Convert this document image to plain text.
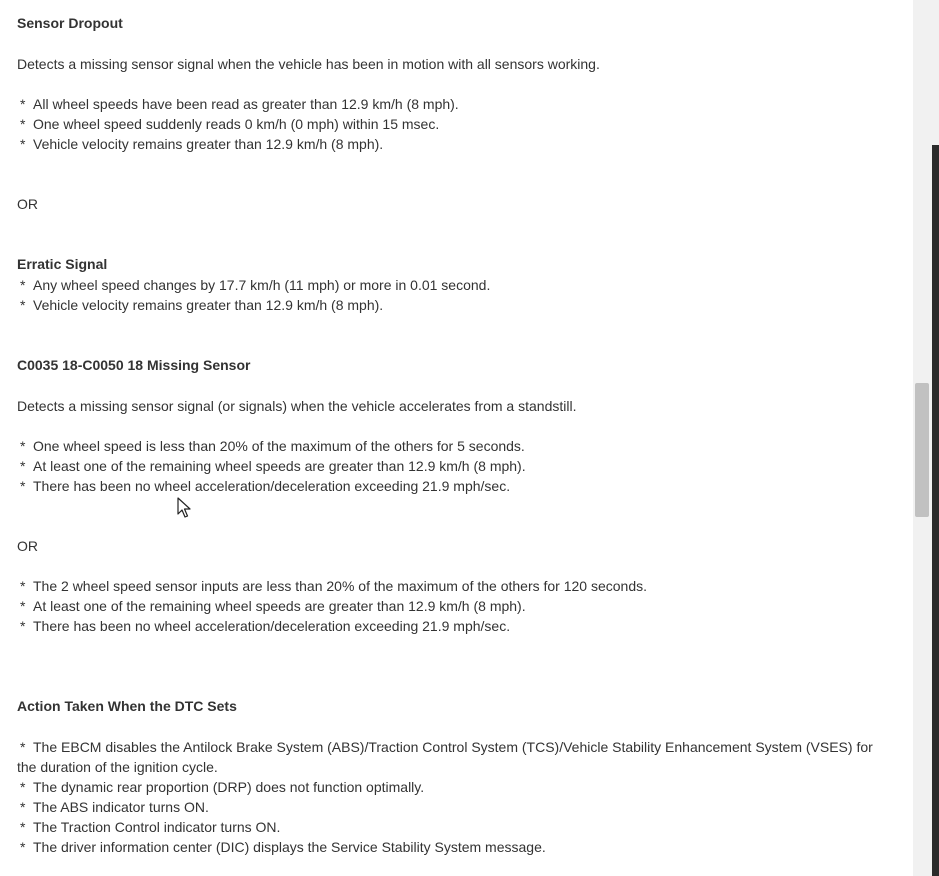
Sensor Dropout
Detects a missing sensor signal when the vehicle has been in motion with all sensors working.
* All wheel speeds have been read as greater than 12.9 km/h (8 mph).
* One wheel speed suddenly reads 0 km/h (0 mph) within 15 msec.
* Vehicle velocity remains greater than 12.9 km/h (8 mph).
OR
Erratic Signal
* Any wheel speed changes by 17.7 km/h (11 mph) or more in 0.01 second.
* Vehicle velocity remains greater than 12.9 km/h (8 mph).
C0035 18-C0050 18 Missing Sensor
Detects a missing sensor signal (or signals) when the vehicle accelerates from a standstill.
* One wheel speed is less than 20% of the maximum of the others for 5 seconds.
* At least one of the remaining wheel speeds are greater than 12.9 km/h (8 mph).
* There has been no wheel acceleration/deceleration exceeding 21.9 mph/sec.
OR
* The 2 wheel speed sensor inputs are less than 20% of the maximum of the others for 120 seconds.
* At least one of the remaining wheel speeds are greater than 12.9 km/h (8 mph).
* There has been no wheel acceleration/deceleration exceeding 21.9 mph/sec.
Action Taken When the DTC Sets
* The EBCM disables the Antilock Brake System (ABS)/Traction Control System (TCS)/Vehicle Stability Enhancement System (VSES) for the duration of the ignition cycle.
* The dynamic rear proportion (DRP) does not function optimally.
* The ABS indicator turns ON.
* The Traction Control indicator turns ON.
* The driver information center (DIC) displays the Service Stability System message.
